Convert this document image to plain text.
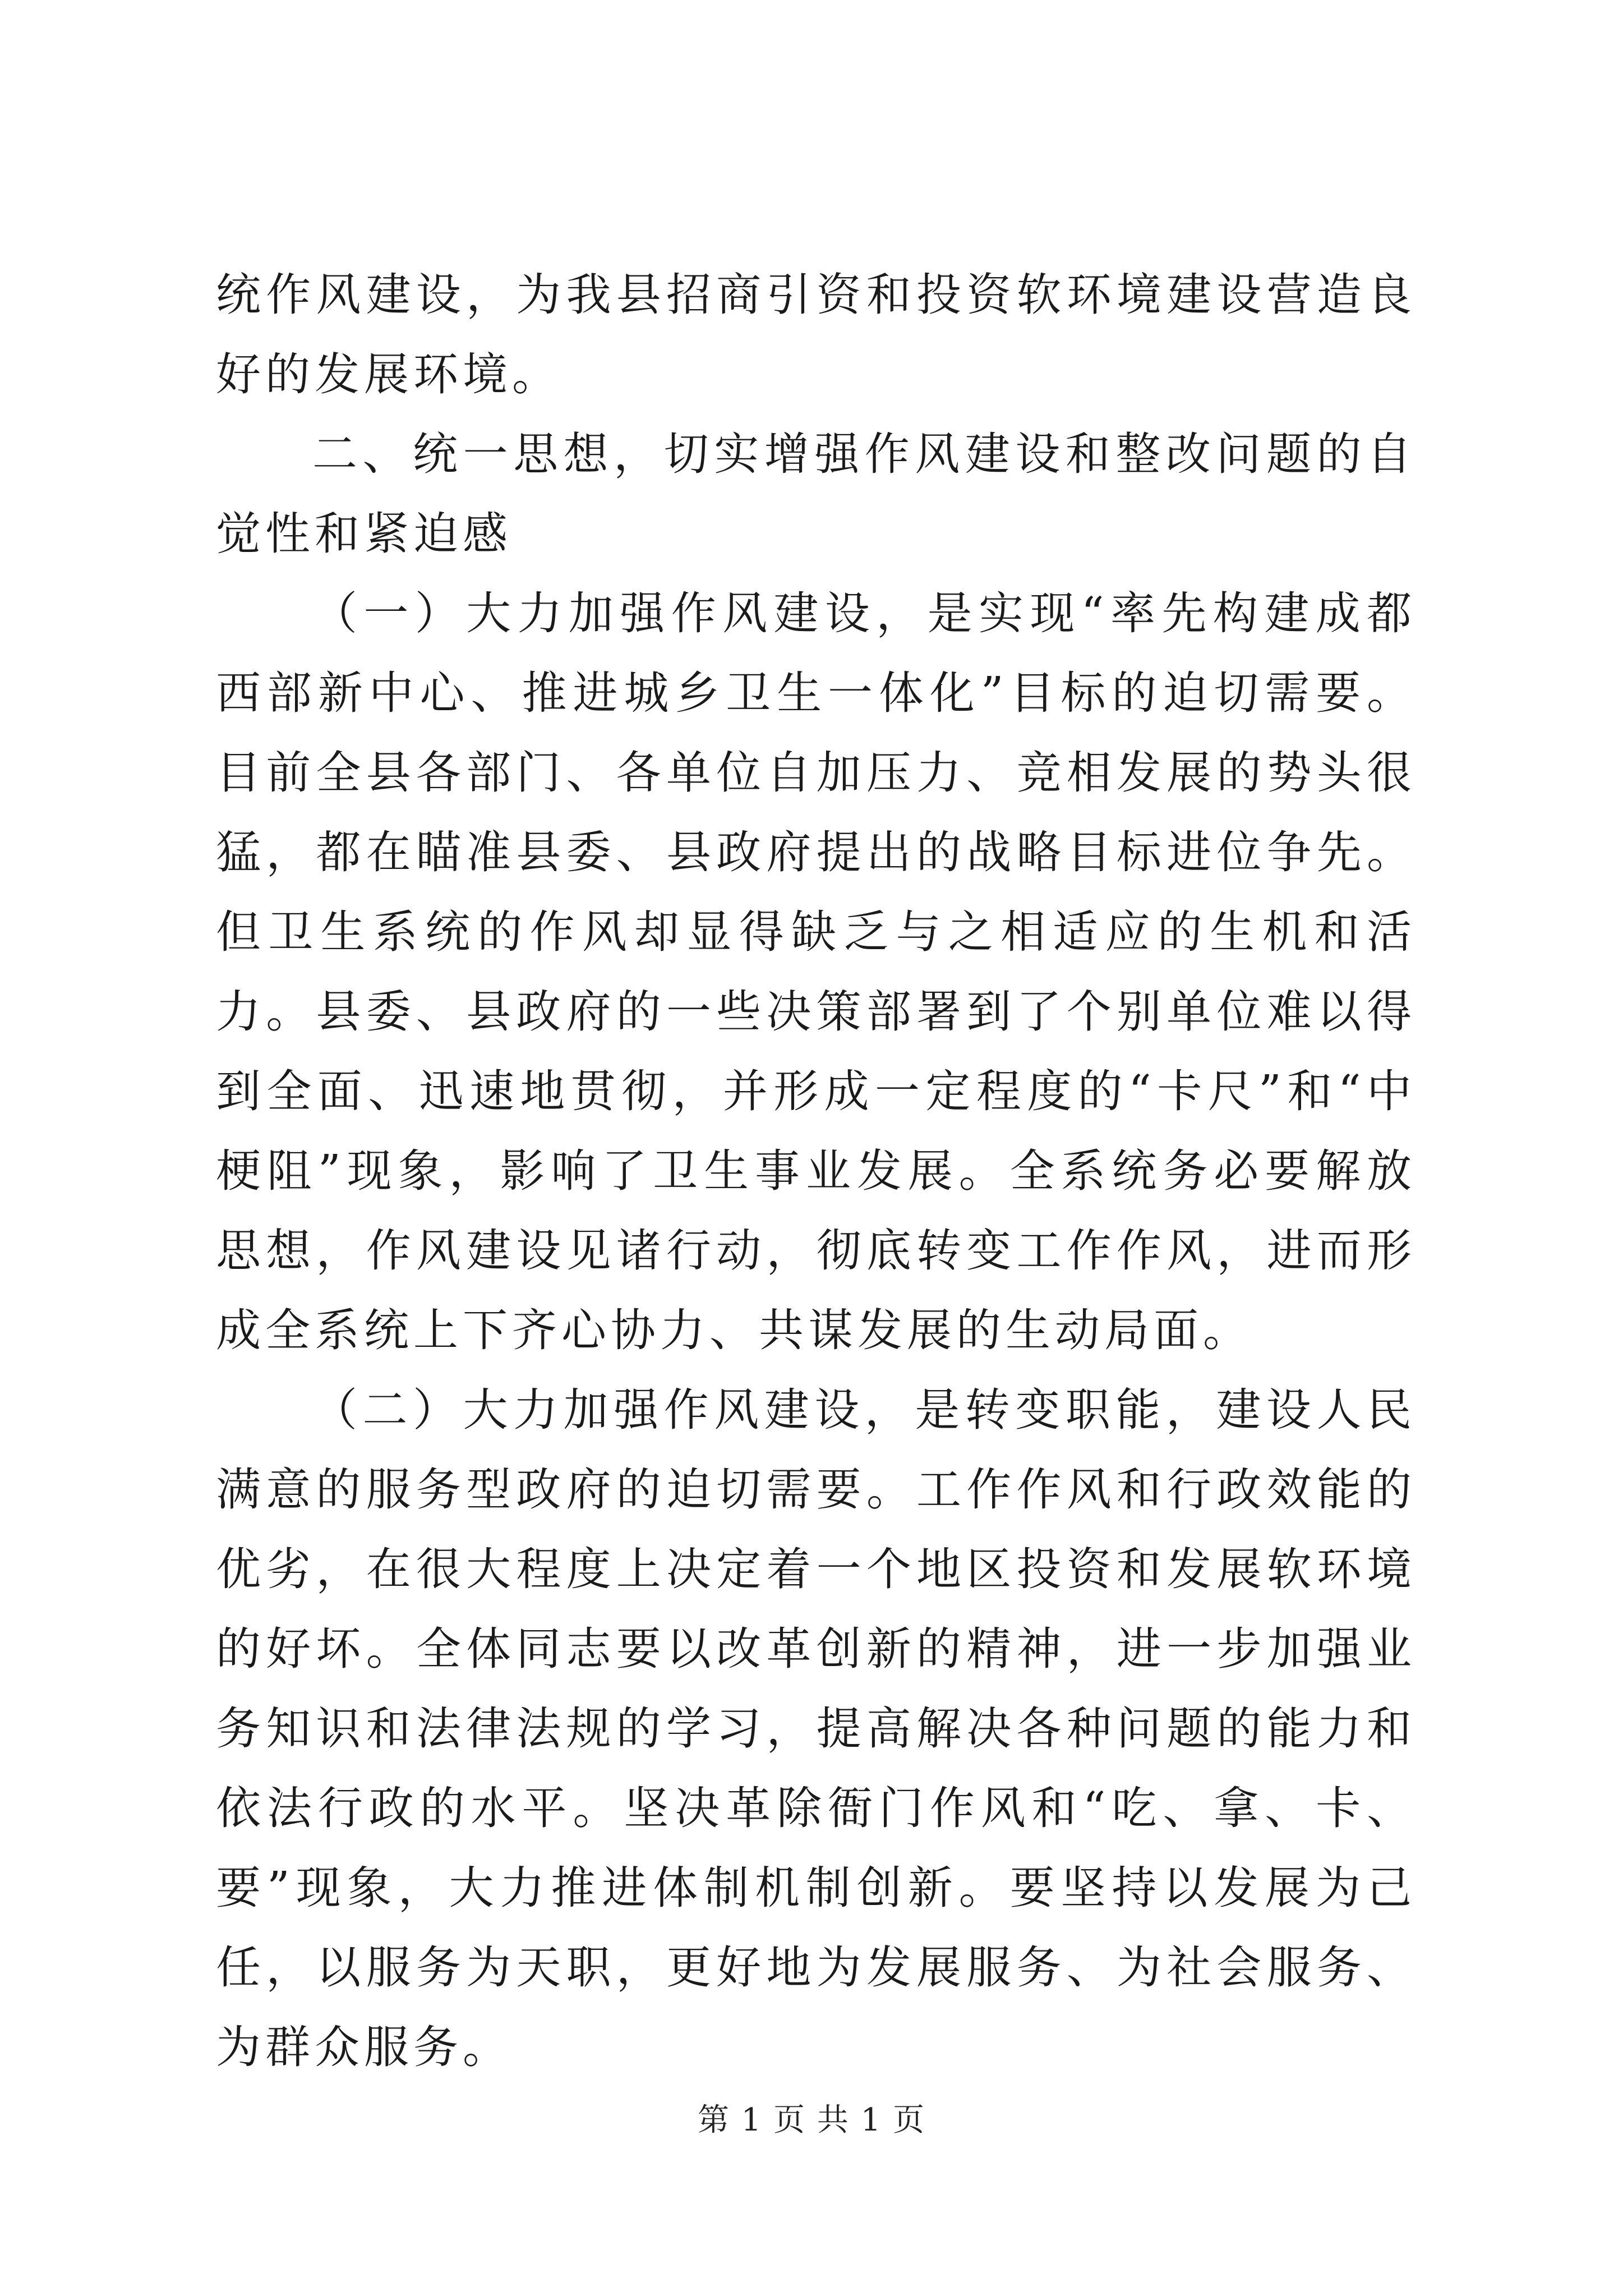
统作风建设，为我县招商引资和投资软环境建设营造良好的发展环境。

二、统一思想，切实增强作风建设和整改问题的自觉性和紧迫感

（一）大力加强作风建设，是实现“率先构建成都西部新中心、推进城乡卫生一体化”目标的迫切需要。目前全县各部门、各单位自加压力、竞相发展的势头很猛，都在瞄准县委、县政府提出的战略目标进位争先。但卫生系统的作风却显得缺乏与之相适应的生机和活力。县委、县政府的一些决策部署到了个别单位难以得到全面、迅速地贯彻，并形成一定程度的“卡尺”和“中梗阻”现象，影响了卫生事业发展。全系统务必要解放思想，作风建设见诸行动，彻底转变工作作风，进而形成全系统上下齐心协力、共谋发展的生动局面。

（二）大力加强作风建设，是转变职能，建设人民满意的服务型政府的迫切需要。工作作风和行政效能的优劣，在很大程度上决定着一个地区投资和发展软环境的好坏。全体同志要以改革创新的精神，进一步加强业务知识和法律法规的学习，提高解决各种问题的能力和依法行政的水平。坚决革除衙门作风和“吃、拿、卡、要”现象，大力推进体制机制创新。要坚持以发展为己任，以服务为天职，更好地为发展服务、为社会服务、为群众服务。

第 1 页 共 1 页
